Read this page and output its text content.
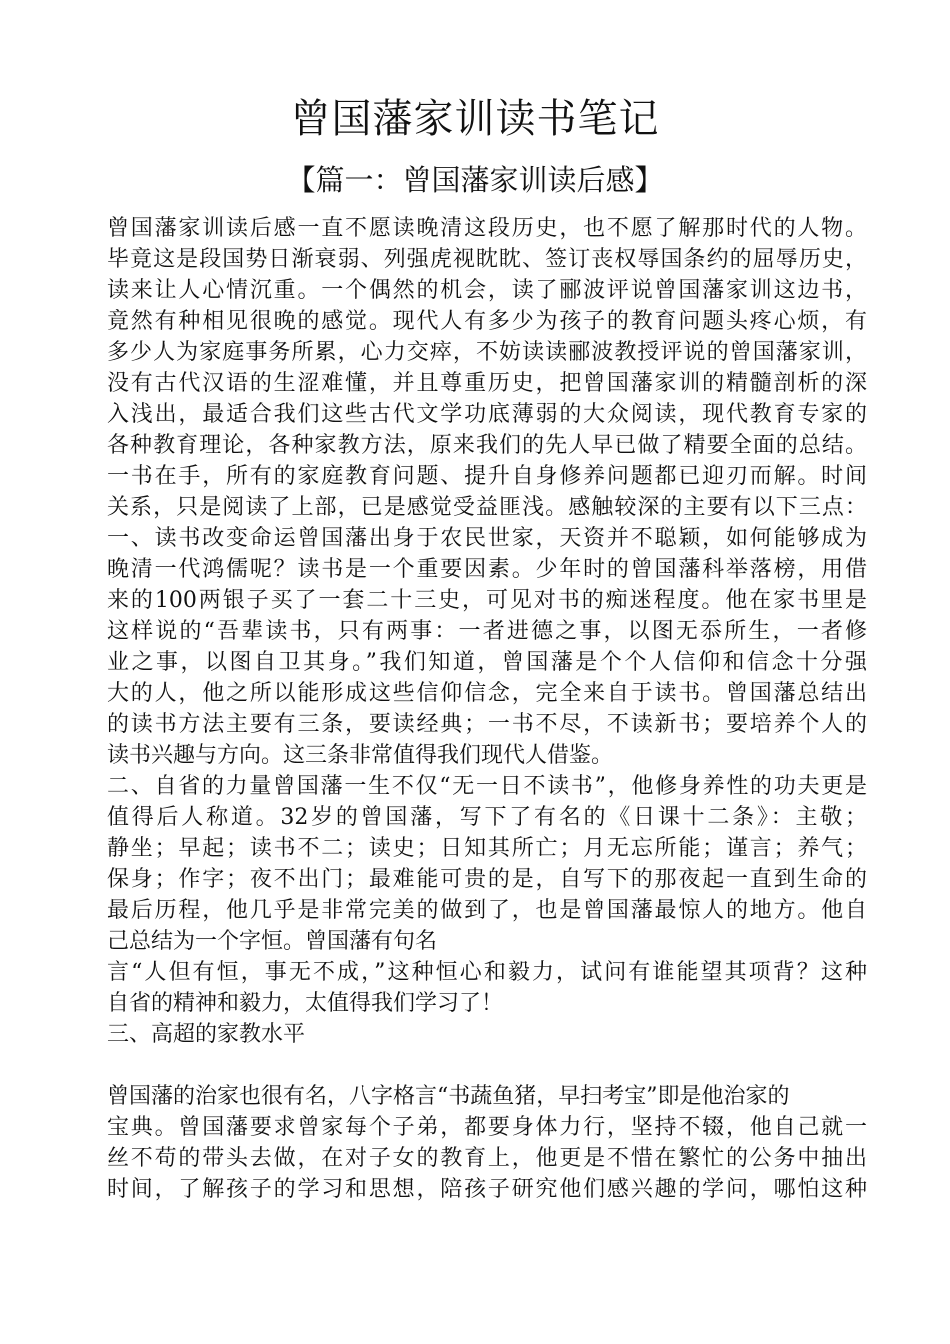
曾国藩家训读书笔记
【篇一：曾国藩家训读后感】
曾国藩家训读后感一直不愿读晚清这段历史，也不愿了解那时代的人物。
毕竟这是段国势日渐衰弱、列强虎视眈眈、签订丧权辱国条约的屈辱历史，
读来让人心情沉重。一个偶然的机会，读了郦波评说曾国藩家训这边书，
竟然有种相见很晚的感觉。现代人有多少为孩子的教育问题头疼心烦，有
多少人为家庭事务所累，心力交瘁，不妨读读郦波教授评说的曾国藩家训，
没有古代汉语的生涩难懂，并且尊重历史，把曾国藩家训的精髓剖析的深
入浅出，最适合我们这些古代文学功底薄弱的大众阅读，现代教育专家的
各种教育理论，各种家教方法，原来我们的先人早已做了精要全面的总结。
一书在手，所有的家庭教育问题、提升自身修养问题都已迎刃而解。时间
关系，只是阅读了上部，已是感觉受益匪浅。感触较深的主要有以下三点：
一、读书改变命运曾国藩出身于农民世家，天资并不聪颖，如何能够成为
晚清一代鸿儒呢？读书是一个重要因素。少年时的曾国藩科举落榜，用借
来的100两银子买了一套二十三史，可见对书的痴迷程度。他在家书里是
这样说的“吾辈读书，只有两事：一者进德之事，以图无忝所生，一者修
业之事，以图自卫其身。”我们知道，曾国藩是个个人信仰和信念十分强
大的人，他之所以能形成这些信仰信念，完全来自于读书。曾国藩总结出
的读书方法主要有三条，要读经典；一书不尽，不读新书；要培养个人的
读书兴趣与方向。这三条非常值得我们现代人借鉴。
二、自省的力量曾国藩一生不仅“无一日不读书”，他修身养性的功夫更是
值得后人称道。32岁的曾国藩，写下了有名的《日课十二条》：主敬；
静坐；早起；读书不二；读史；日知其所亡；月无忘所能；谨言；养气；
保身；作字；夜不出门；最难能可贵的是，自写下的那夜起一直到生命的
最后历程，他几乎是非常完美的做到了，也是曾国藩最惊人的地方。他自
己总结为一个字恒。曾国藩有句名
言“人但有恒，事无不成，”这种恒心和毅力，试问有谁能望其项背？这种
自省的精神和毅力，太值得我们学习了！
三、高超的家教水平
曾国藩的治家也很有名，八字格言“书蔬鱼猪，早扫考宝”即是他治家的
宝典。曾国藩要求曾家每个子弟，都要身体力行，坚持不辍，他自己就一
丝不苟的带头去做，在对子女的教育上，他更是不惜在繁忙的公务中抽出
时间，了解孩子的学习和思想，陪孩子研究他们感兴趣的学问，哪怕这种
